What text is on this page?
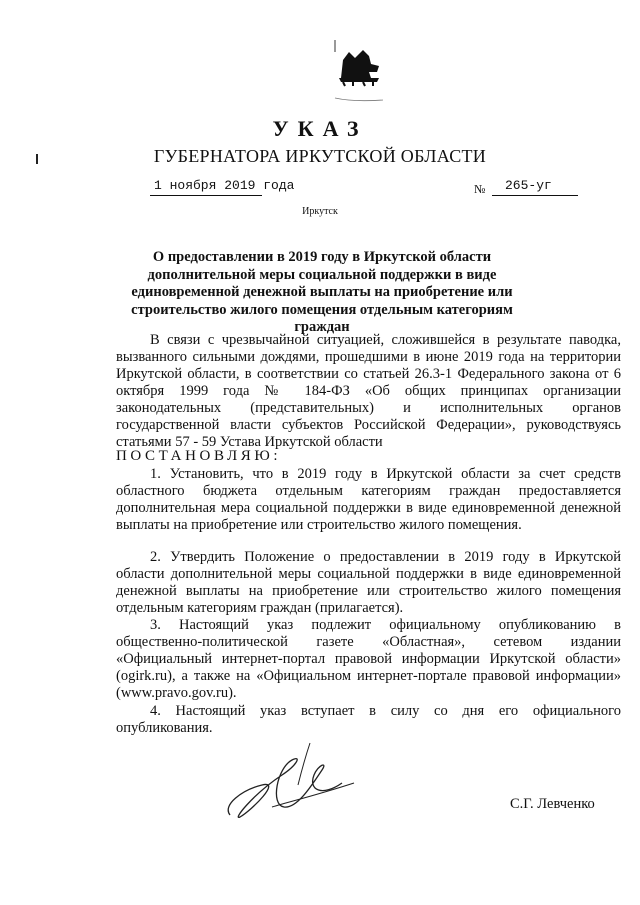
УКАЗ
ГУБЕРНАТОРА ИРКУТСКОЙ ОБЛАСТИ
1 ноября 2019 года	№ 265-уг
Иркутск
О предоставлении в 2019 году в Иркутской области дополнительной меры социальной поддержки в виде единовременной денежной выплаты на приобретение или строительство жилого помещения отдельным категориям граждан

В связи с чрезвычайной ситуацией, сложившейся в результате паводка, вызванного сильными дождями, прошедшими в июне 2019 года на территории Иркутской области, в соответствии со статьей 26.3-1 Федерального закона от 6 октября 1999 года № 184-ФЗ «Об общих принципах организации законодательных (представительных) и исполнительных органов государственной власти субъектов Российской Федерации», руководствуясь статьями 57 - 59 Устава Иркутской области

ПОСТАНОВЛЯЮ:

1. Установить, что в 2019 году в Иркутской области за счет средств областного бюджета отдельным категориям граждан предоставляется дополнительная мера социальной поддержки в виде единовременной денежной выплаты на приобретение или строительство жилого помещения.

2. Утвердить Положение о предоставлении в 2019 году в Иркутской области дополнительной меры социальной поддержки в виде единовременной денежной выплаты на приобретение или строительство жилого помещения отдельным категориям граждан (прилагается).

3. Настоящий указ подлежит официальному опубликованию в общественно-политической газете «Областная», сетевом издании «Официальный интернет-портал правовой информации Иркутской области» (ogirk.ru), а также на «Официальном интернет-портале правовой информации» (www.pravo.gov.ru).

4. Настоящий указ вступает в силу со дня его официального опубликования.

С.Г. Левченко
